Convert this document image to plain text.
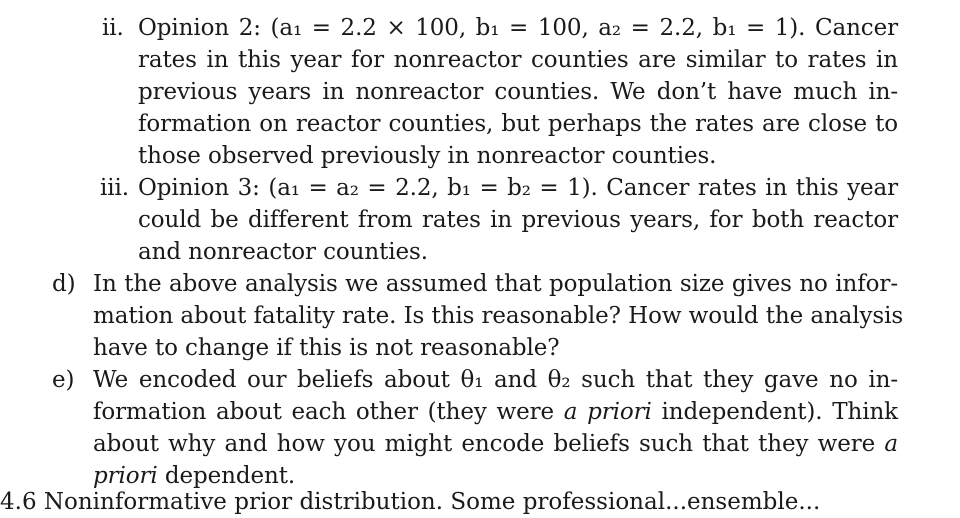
ii. Opinion 2: (a₁ = 2.2 × 100, b₁ = 100, a₂ = 2.2, b₁ = 1). Cancer
rates in this year for nonreactor counties are similar to rates in
previous years in nonreactor counties. We don’t have much in-
formation on reactor counties, but perhaps the rates are close to
those observed previously in nonreactor counties.
iii. Opinion 3: (a₁ = a₂ = 2.2, b₁ = b₂ = 1). Cancer rates in this year
could be different from rates in previous years, for both reactor
and nonreactor counties.
d) In the above analysis we assumed that population size gives no infor-
mation about fatality rate. Is this reasonable? How would the analysis
have to change if this is not reasonable?
e) We encoded our beliefs about θ₁ and θ₂ such that they gave no in-
formation about each other (they were a priori independent). Think
about why and how you might encode beliefs such that they were a
priori dependent.
4.6 Noninformative prior distribution. Some professional...ensemble...
